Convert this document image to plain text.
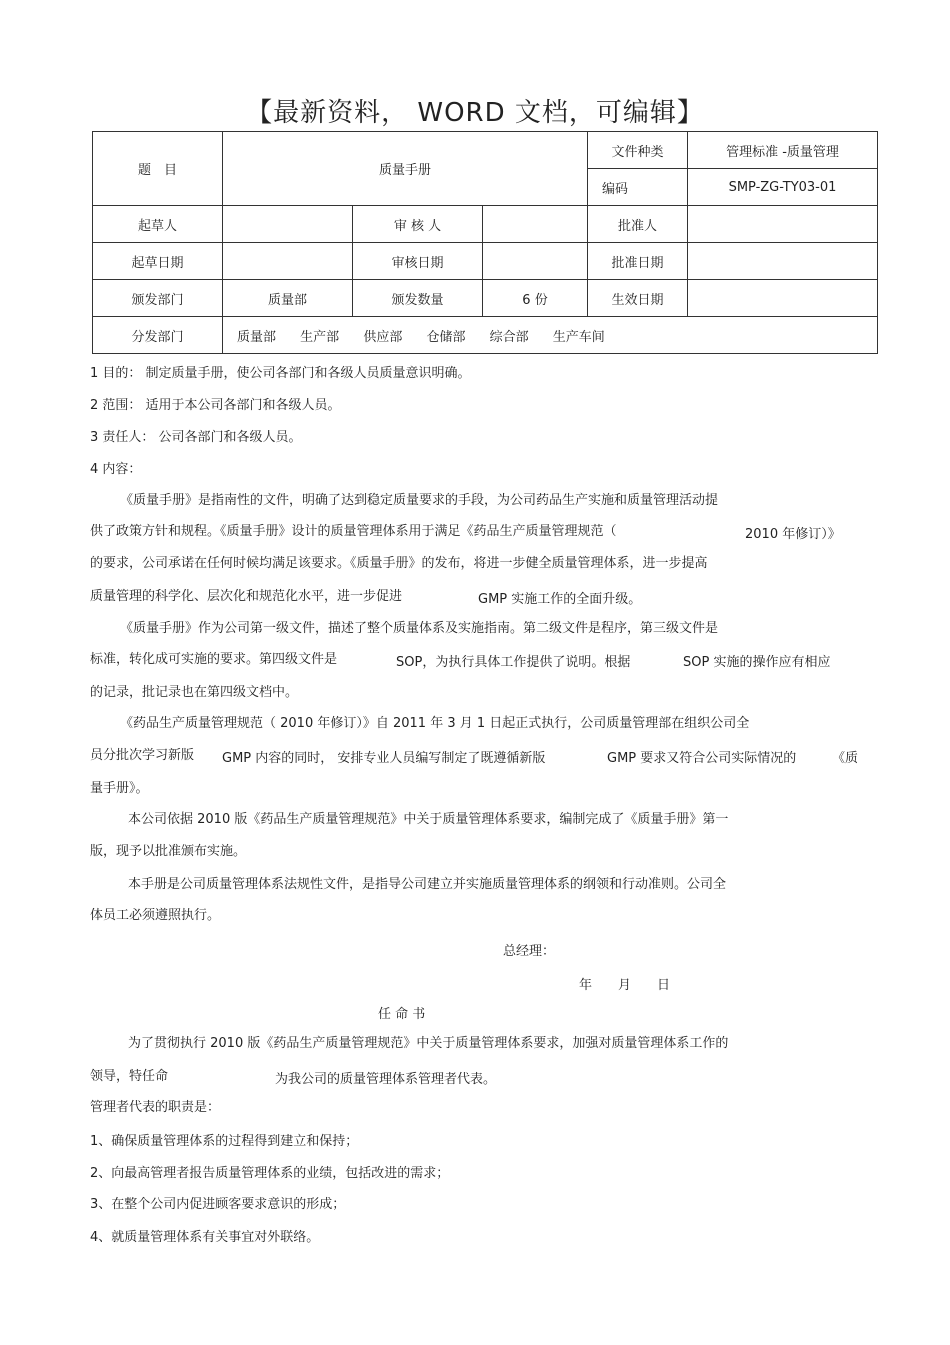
【最新资料， WORD 文档，可编辑】
题　目	质量手册			文件种类	管理标准 -质量管理
				编码	SMP-ZG-TY03-01
起草人		审 核 人		批准人	
起草日期		审核日期		批准日期	
颁发部门	质量部	颁发数量	6 份	生效日期	
分发部门	质量部 生产部 供应部 仓储部 综合部 生产车间				
1 目的： 制定质量手册，使公司各部门和各级人员质量意识明确。
2 范围： 适用于本公司各部门和各级人员。
3 责任人： 公司各部门和各级人员。
4 内容：
《质量手册》是指南性的文件，明确了达到稳定质量要求的手段，为公司药品生产实施和质量管理活动提
供了政策方针和规程。《质量手册》设计的质量管理体系用于满足《药品生产质量管理规范（	2010 年修订）》
的要求，公司承诺在任何时候均满足该要求。《质量手册》的发布，将进一步健全质量管理体系，进一步提高
质量管理的科学化、层次化和规范化水平，进一步促进	GMP 实施工作的全面升级。
《质量手册》作为公司第一级文件，描述了整个质量体系及实施指南。第二级文件是程序，第三级文件是
标准，转化成可实施的要求。第四级文件是	SOP，为执行具体工作提供了说明。根据	SOP 实施的操作应有相应
的记录，批记录也在第四级文档中。
《药品生产质量管理规范（ 2010 年修订）》自 2011 年 3 月 1 日起正式执行，公司质量管理部在组织公司全
员分批次学习新版 GMP 内容的同时， 安排专业人员编写制定了既遵循新版	GMP 要求又符合公司实际情况的	《质
量手册》。
本公司依据 2010 版《药品生产质量管理规范》中关于质量管理体系要求，编制完成了《质量手册》第一
版，现予以批准颁布实施。
本手册是公司质量管理体系法规性文件，是指导公司建立并实施质量管理体系的纲领和行动准则。公司全
体员工必须遵照执行。
总经理：
年　　月　　日
任 命 书
为了贯彻执行 2010 版《药品生产质量管理规范》中关于质量管理体系要求，加强对质量管理体系工作的
领导，特任命	为我公司的质量管理体系管理者代表。
管理者代表的职责是：
1、确保质量管理体系的过程得到建立和保持；
2、向最高管理者报告质量管理体系的业绩，包括改进的需求；
3、在整个公司内促进顾客要求意识的形成；
4、就质量管理体系有关事宜对外联络。
